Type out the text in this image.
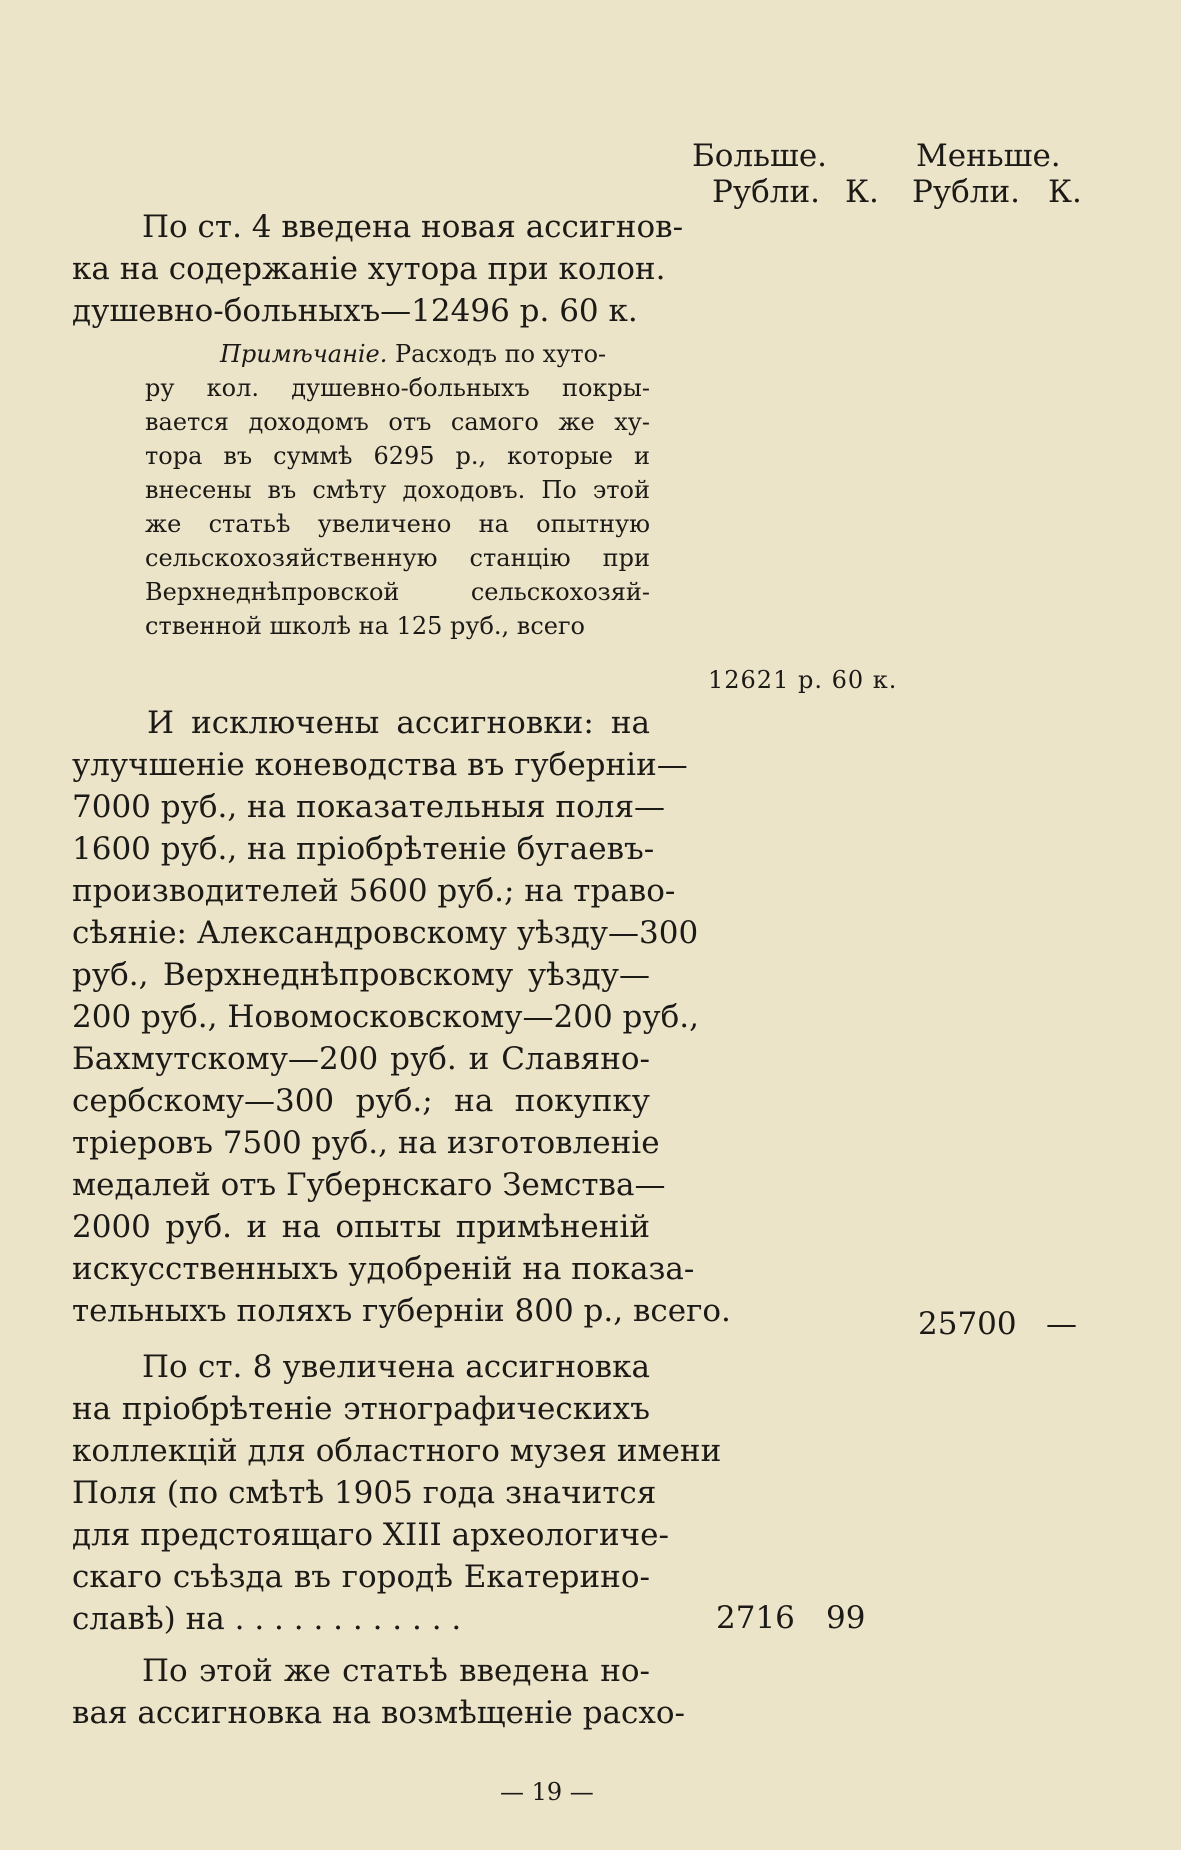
Больше.	Меньше.
Рубли. К. Рубли. К.
По ст. 4 введена новая ассигнов-
ка на содержаніе хутора при колон.
душевно-больныхъ—12496 р. 60 к.
Примѣчаніе. Расходъ по хуто-
ру кол. душевно-больныхъ покры-
вается доходомъ отъ самого же ху-
тора въ суммѣ 6295 р., которые и
внесены въ смѣту доходовъ. По этой
же статьѣ увеличено на опытную
сельскохозяйственную станцію при
Верхнеднѣпровской сельскохозяй-
ственной школѣ на 125 руб., всего
12621 р. 60 к.
И исключены ассигновки: на
улучшеніе коневодства въ губерніи—
7000 руб., на показательныя поля—
1600 руб., на пріобрѣтеніе бугаевъ-
производителей 5600 руб.; на траво-
сѣяніе: Александровскому уѣзду—300
руб., Верхнеднѣпровскому уѣзду—
200 руб., Новомосковскому—200 руб.,
Бахмутскому—200 руб. и Славяно-
сербскому—300 руб.; на покупку
тріеровъ 7500 руб., на изготовленіе
медалей отъ Губернскаго Земства—
2000 руб. и на опыты примѣненій
искусственныхъ удобреній на показа-
тельныхъ поляхъ губерніи 800 р., всего.	25700 —
По ст. 8 увеличена ассигновка
на пріобрѣтеніе этнографическихъ
коллекцій для областного музея имени
Поля (по смѣтѣ 1905 года значится
для предстоящаго XIII археологиче-
скаго съѣзда въ городѣ Екатерино-
славѣ) на . . . . . . . . . . . .	2716 99
По этой же статьѣ введена но-
вая ассигновка на возмѣщеніе расхо-
— 19 —
